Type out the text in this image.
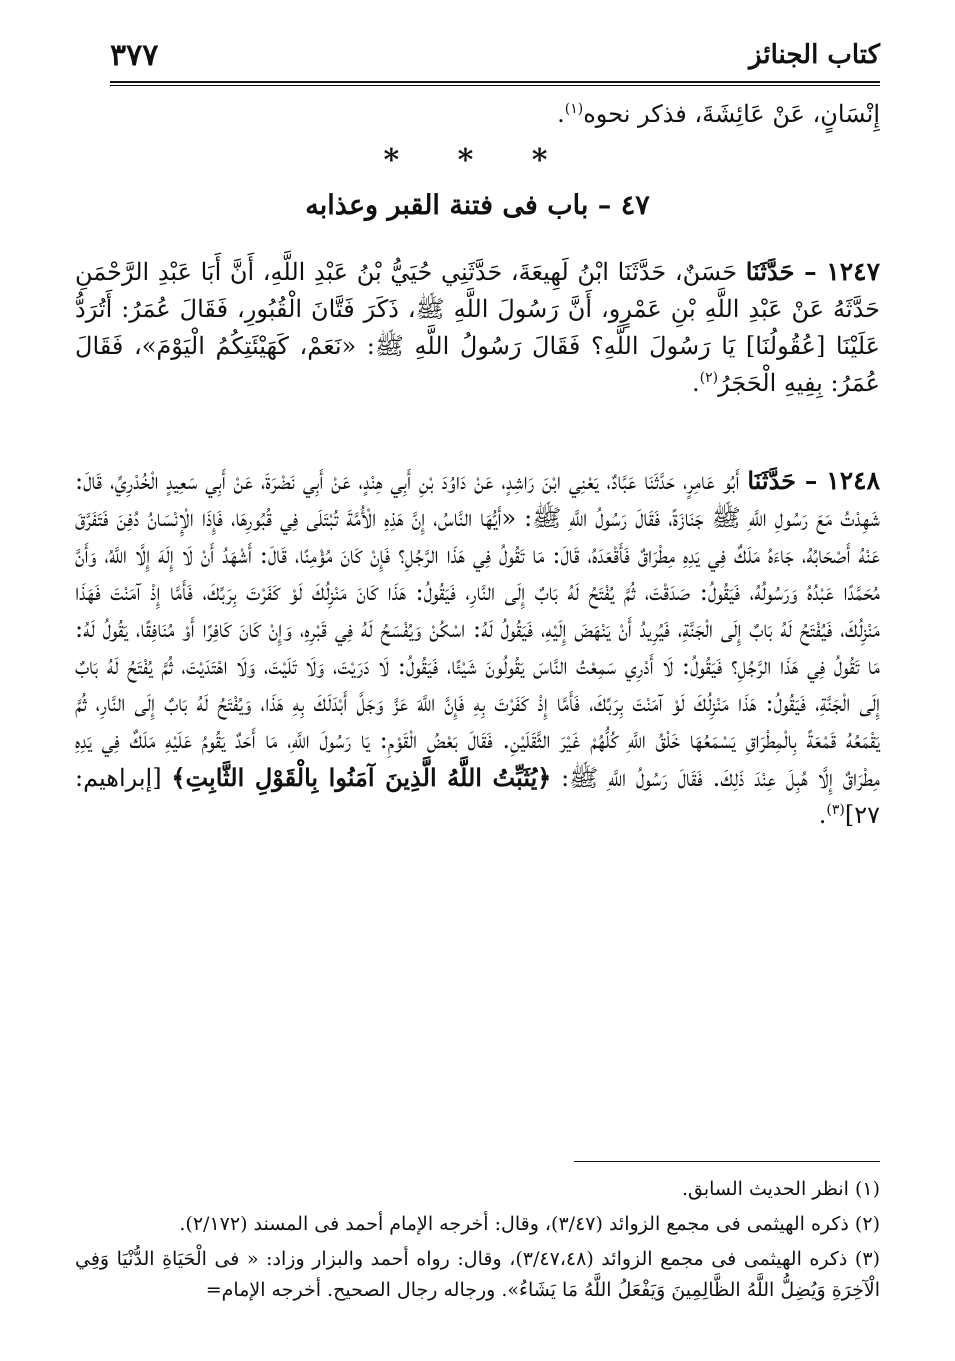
كتاب الجنائز
٣٧٧
إِنْسَانٍ، عَنْ عَائِشَةَ، فذكر نحوه$^{(١)}$.
* * *
٤٧ – باب فى فتنة القبر وعذابه

١٢٤٧ – حَدَّثَنَا حَسَنٌ، حَدَّثَنَا ابْنُ لَهِيعَةَ، حَدَّثَنِي حُيَيُّ بْنُ عَبْدِ اللَّهِ، أَنَّ أَبَا عَبْدِ الرَّحْمَنِ حَدَّثَهُ عَنْ عَبْدِ اللَّهِ بْنِ عَمْرٍو، أَنَّ رَسُولَ اللَّهِ ﷺ، ذَكَرَ فَتَّانَ الْقُبُورِ، فَقَالَ عُمَرُ: أَتُرَدُّ عَلَيْنَا [عُقُولُنَا] يَا رَسُولَ اللَّهِ؟ فَقَالَ رَسُولُ اللَّهِ ﷺ: «نَعَمْ، كَهَيْئَتِكُمُ الْيَوْمَ»، فَقَالَ عُمَرُ: بِفِيهِ الْحَجَرُ$^{(٢)}$.

١٢٤٨ – حَدَّثَنَا أَبُو عَامِرٍ، حَدَّثَنَا عَبَّادٌ، يَعْنِي ابْنَ رَاشِدٍ، عَنْ دَاوُدَ بْنِ أَبِي هِنْدٍ، عَنْ أَبِي نَضْرَةَ، عَنْ أَبِي سَعِيدٍ الْخُدْرِيِّ، قَالَ: شَهِدْتُ مَعَ رَسُولِ اللَّهِ ﷺ جَنَازَةً، فَقَالَ رَسُولُ اللَّهِ ﷺ: «أَيُّهَا النَّاسُ، إِنَّ هَذِهِ الْأُمَّةَ تُبْتَلَى فِي قُبُورِهَا، فَإِذَا الْإِنْسَانُ دُفِنَ فَتَفَرَّقَ عَنْهُ أَصْحَابُهُ، جَاءَهُ مَلَكٌ فِي يَدِهِ مِطْرَاقٌ فَأَقْعَدَهُ، قَالَ: مَا تَقُولُ فِي هَذَا الرَّجُلِ؟ فَإِنْ كَانَ مُؤْمِنًا، قَالَ: أَشْهَدُ أَنْ لَا إِلَهَ إِلَّا اللَّهُ، وَأَنَّ مُحَمَّدًا عَبْدُهُ وَرَسُولُهُ، فَيَقُولُ: صَدَقْتَ، ثُمَّ يُفْتَحُ لَهُ بَابٌ إِلَى النَّارِ، فَيَقُولُ: هَذَا كَانَ مَنْزِلُكَ لَوْ كَفَرْتَ بِرَبِّكَ، فَأَمَّا إِذْ آمَنْتَ فَهَذَا مَنْزِلُكَ، فَيُفْتَحُ لَهُ بَابٌ إِلَى الْجَنَّةِ، فَيُرِيدُ أَنْ يَنْهَضَ إِلَيْهِ، فَيَقُولُ لَهُ: اسْكُنْ وَيُفْسَحُ لَهُ فِي قَبْرِهِ، وَإِنْ كَانَ كَافِرًا أَوْ مُنَافِقًا، يَقُولُ لَهُ: مَا تَقُولُ فِي هَذَا الرَّجُلِ؟ فَيَقُولُ: لَا أَدْرِي سَمِعْتُ النَّاسَ يَقُولُونَ شَيْئًا، فَيَقُولُ: لَا دَرَيْتَ، وَلَا تَلَيْتَ، وَلَا اهْتَدَيْتَ، ثُمَّ يُفْتَحُ لَهُ بَابٌ إِلَى الْجَنَّةِ، فَيَقُولُ: هَذَا مَنْزِلُكَ لَوْ آمَنْتَ بِرَبِّكَ، فَأَمَّا إِذْ كَفَرْتَ بِهِ فَإِنَّ اللَّهَ عَزَّ وَجَلَّ أَبْدَلَكَ بِهِ هَذَا، وَيُفْتَحُ لَهُ بَابٌ إِلَى النَّارِ، ثُمَّ يَقْمَعُهُ قَمْعَةً بِالْمِطْرَاقِ يَسْمَعُهَا خَلْقُ اللَّهِ كُلُّهُمْ غَيْرَ الثَّقَلَيْنِ. فَقَالَ بَعْضُ الْقَوْمِ: يَا رَسُولَ اللَّهِ، مَا أَحَدٌ يَقُومُ عَلَيْهِ مَلَكٌ فِي يَدِهِ مِطْرَاقٌ إِلَّا هُبِلَ عِنْدَ ذَلِكَ. فَقَالَ رَسُولُ اللَّهِ ﷺ: ﴿يُثَبِّتُ اللَّهُ الَّذِينَ آمَنُوا بِالْقَوْلِ الثَّابِتِ﴾ [إبراهيم: ٢٧]$^{(٣)}$.

(١) انظر الحديث السابق.

(٢) ذكره الهيثمى فى مجمع الزوائد (٣/٤٧)، وقال: أخرجه الإمام أحمد فى المسند (٢/١٧٢).

(٣) ذكره الهيثمى فى مجمع الزوائد (٣/٤٧،٤٨)، وقال: رواه أحمد والبزار وزاد: « فى الْحَيَاةِ الدُّنْيَا وَفِي الْآخِرَةِ وَيُضِلُّ اللَّهُ الظَّالِمِينَ وَيَفْعَلُ اللَّهُ مَا يَشَاءُ». ورجاله رجال الصحيح. أخرجه الإمام=
